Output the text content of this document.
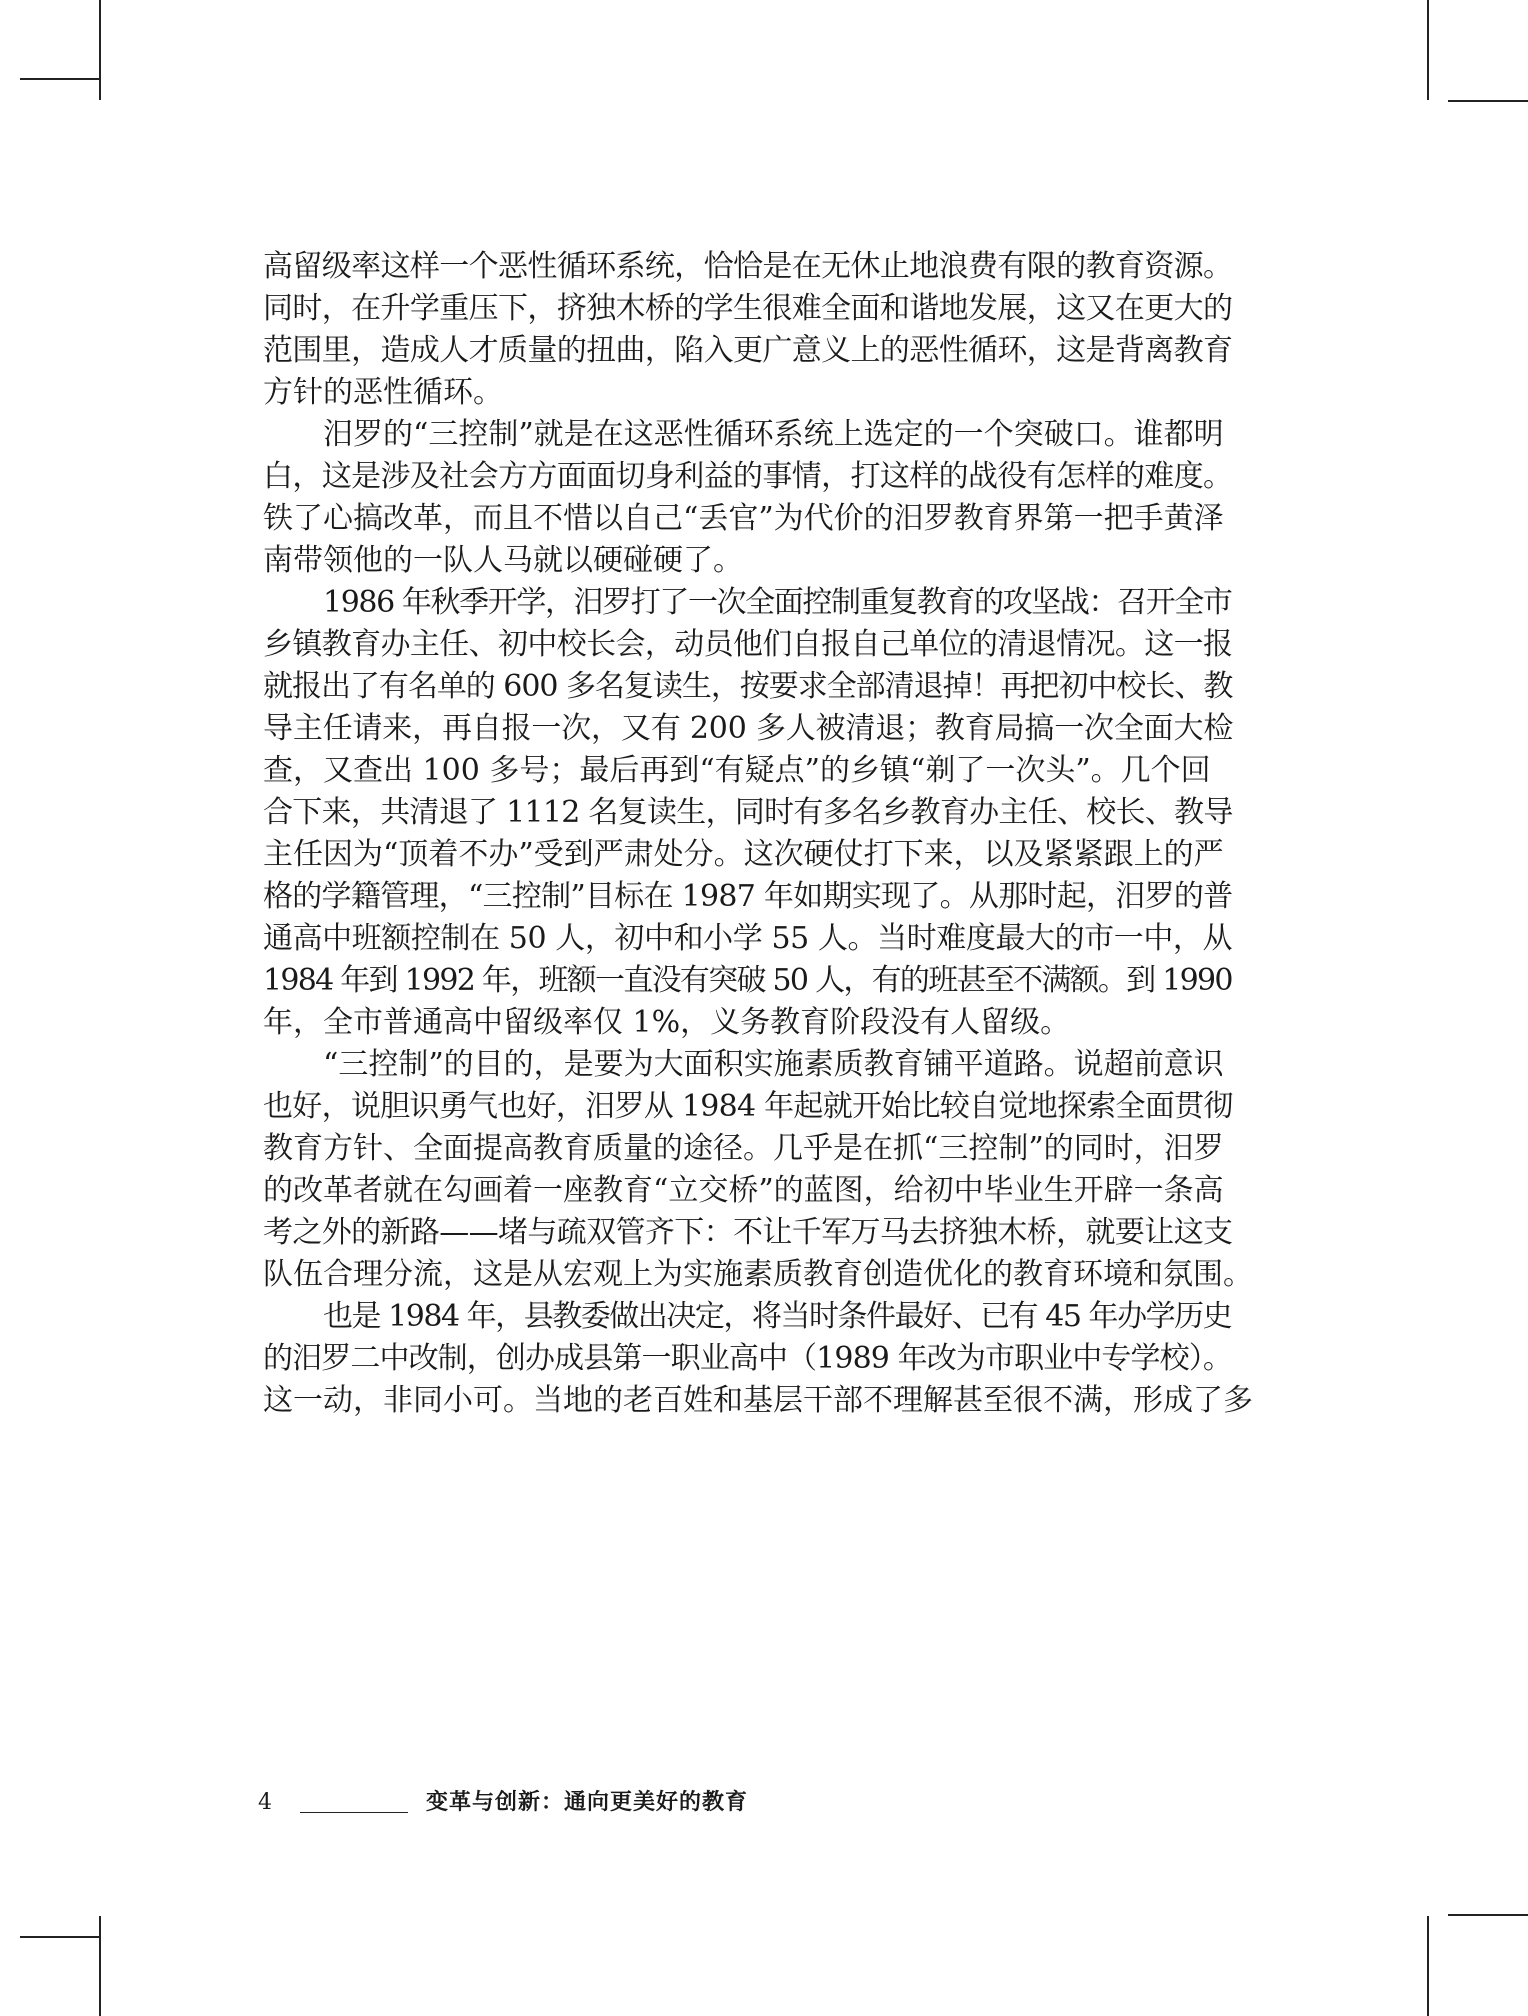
高留级率这样一个恶性循环系统，恰恰是在无休止地浪费有限的教育资源。
同时，在升学重压下，挤独木桥的学生很难全面和谐地发展，这又在更大的
范围里，造成人才质量的扭曲，陷入更广意义上的恶性循环，这是背离教育
方针的恶性循环。
汨罗的“三控制”就是在这恶性循环系统上选定的一个突破口。谁都明
白，这是涉及社会方方面面切身利益的事情，打这样的战役有怎样的难度。
铁了心搞改革，而且不惜以自己“丢官”为代价的汨罗教育界第一把手黄泽
南带领他的一队人马就以硬碰硬了。
1986 年秋季开学，汨罗打了一次全面控制重复教育的攻坚战：召开全市
乡镇教育办主任、初中校长会，动员他们自报自己单位的清退情况。这一报
就报出了有名单的 600 多名复读生，按要求全部清退掉！再把初中校长、教
导主任请来，再自报一次，又有 200 多人被清退；教育局搞一次全面大检
查，又查出 100 多号；最后再到“有疑点”的乡镇“剃了一次头”。几个回
合下来，共清退了 1112 名复读生，同时有多名乡教育办主任、校长、教导
主任因为“顶着不办”受到严肃处分。这次硬仗打下来，以及紧紧跟上的严
格的学籍管理，“三控制”目标在 1987 年如期实现了。从那时起，汨罗的普
通高中班额控制在 50 人，初中和小学 55 人。当时难度最大的市一中，从
1984 年到 1992 年，班额一直没有突破 50 人，有的班甚至不满额。到 1990
年，全市普通高中留级率仅 1%，义务教育阶段没有人留级。
“三控制”的目的，是要为大面积实施素质教育铺平道路。说超前意识
也好，说胆识勇气也好，汨罗从 1984 年起就开始比较自觉地探索全面贯彻
教育方针、全面提高教育质量的途径。几乎是在抓“三控制”的同时，汨罗
的改革者就在勾画着一座教育“立交桥”的蓝图，给初中毕业生开辟一条高
考之外的新路——堵与疏双管齐下：不让千军万马去挤独木桥，就要让这支
队伍合理分流，这是从宏观上为实施素质教育创造优化的教育环境和氛围。
也是 1984 年，县教委做出决定，将当时条件最好、已有 45 年办学历史
的汨罗二中改制，创办成县第一职业高中（1989 年改为市职业中专学校）。
这一动，非同小可。当地的老百姓和基层干部不理解甚至很不满，形成了多
4	变革与创新：通向更美好的教育
